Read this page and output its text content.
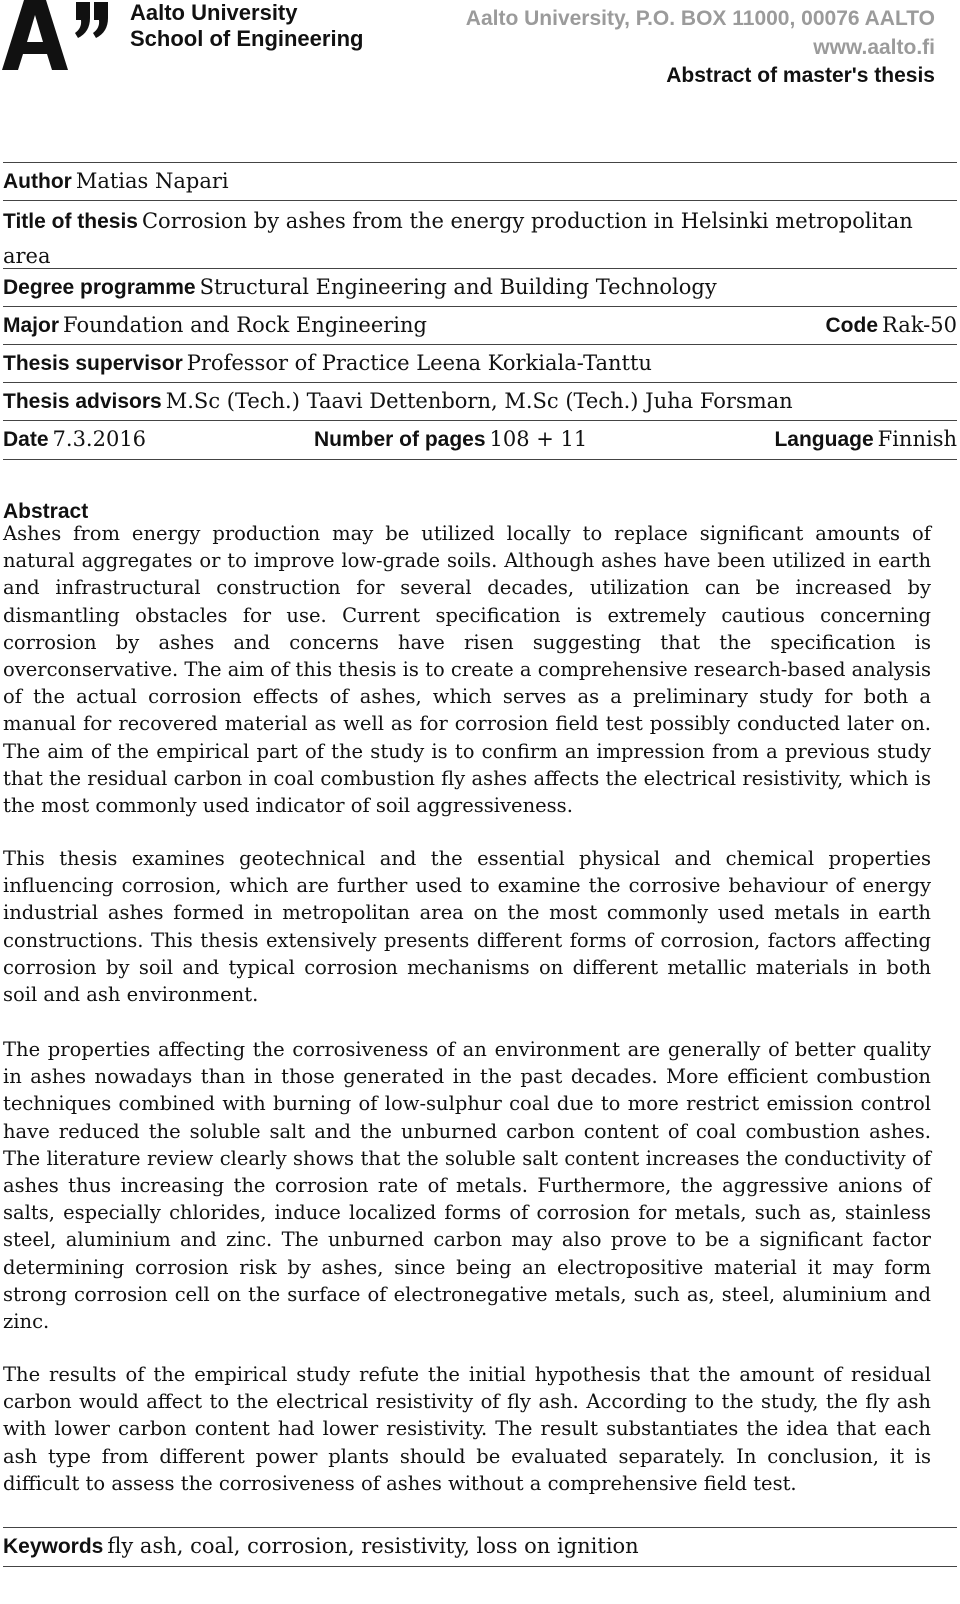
Aalto University
School of Engineering
Aalto University, P.O. BOX 11000, 00076 AALTO
www.aalto.fi
Abstract of master's thesis
Author Matias Napari
Title of thesis Corrosion by ashes from the energy production in Helsinki metropolitan area
Degree programme Structural Engineering and Building Technology
Major Foundation and Rock Engineering	Code Rak-50
Thesis supervisor Professor of Practice Leena Korkiala-Tanttu
Thesis advisors M.Sc (Tech.) Taavi Dettenborn, M.Sc (Tech.) Juha Forsman
Date 7.3.2016	Number of pages 108 + 11	Language Finnish
Abstract
Ashes from energy production may be utilized locally to replace significant amounts of natural aggregates or to improve low-grade soils. Although ashes have been utilized in earth and infrastructural construction for several decades, utilization can be increased by dismantling obstacles for use. Current specification is extremely cautious concerning corrosion by ashes and concerns have risen suggesting that the specification is overconservative. The aim of this thesis is to create a comprehensive research-based analysis of the actual corrosion effects of ashes, which serves as a preliminary study for both a manual for recovered material as well as for corrosion field test possibly conducted later on. The aim of the empirical part of the study is to confirm an impression from a previous study that the residual carbon in coal combustion fly ashes affects the electrical resistivity, which is the most commonly used indicator of soil aggressiveness.
This thesis examines geotechnical and the essential physical and chemical properties influencing corrosion, which are further used to examine the corrosive behaviour of energy industrial ashes formed in metropolitan area on the most commonly used metals in earth constructions. This thesis extensively presents different forms of corrosion, factors affecting corrosion by soil and typical corrosion mechanisms on different metallic materials in both soil and ash environment.
The properties affecting the corrosiveness of an environment are generally of better quality in ashes nowadays than in those generated in the past decades. More efficient combustion techniques combined with burning of low-sulphur coal due to more restrict emission control have reduced the soluble salt and the unburned carbon content of coal combustion ashes. The literature review clearly shows that the soluble salt content increases the conductivity of ashes thus increasing the corrosion rate of metals. Furthermore, the aggressive anions of salts, especially chlorides, induce localized forms of corrosion for metals, such as, stainless steel, aluminium and zinc. The unburned carbon may also prove to be a significant factor determining corrosion risk by ashes, since being an electropositive material it may form strong corrosion cell on the surface of electronegative metals, such as, steel, aluminium and zinc.
The results of the empirical study refute the initial hypothesis that the amount of residual carbon would affect to the electrical resistivity of fly ash. According to the study, the fly ash with lower carbon content had lower resistivity. The result substantiates the idea that each ash type from different power plants should be evaluated separately. In conclusion, it is difficult to assess the corrosiveness of ashes without a comprehensive field test.
Keywords fly ash, coal, corrosion, resistivity, loss on ignition
